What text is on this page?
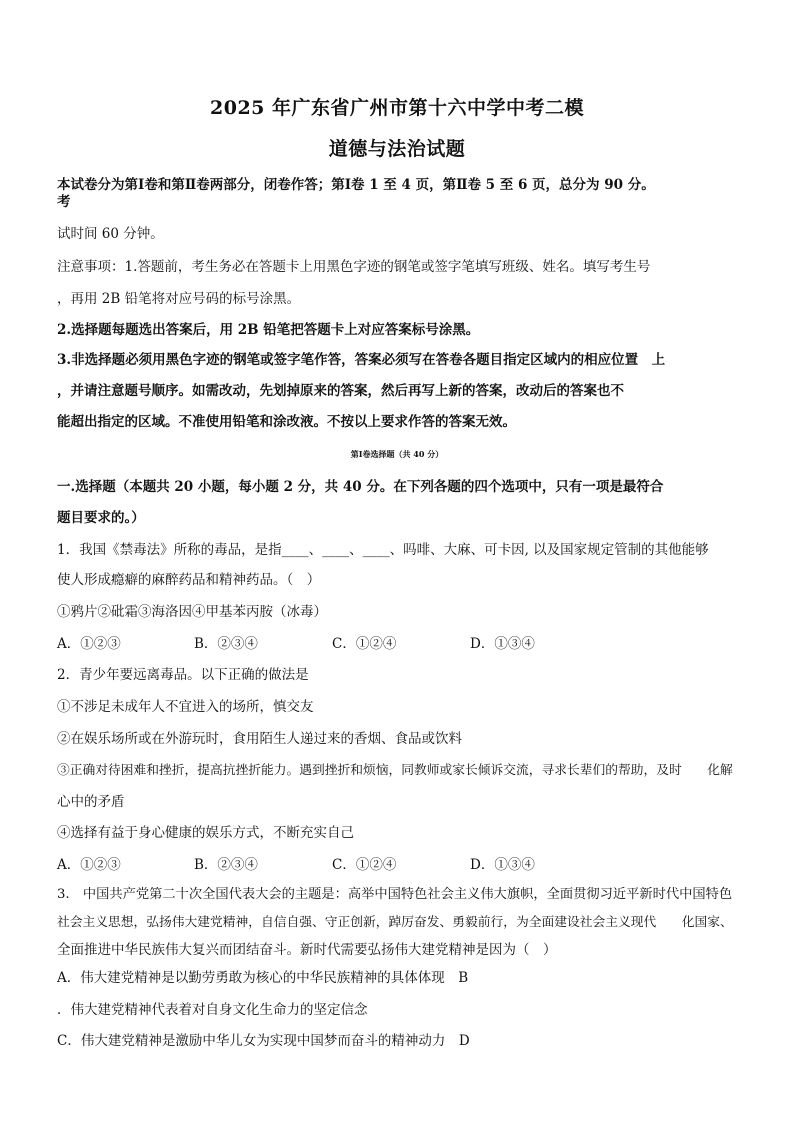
2025 年广东省广州市第十六中学中考二模
道德与法治试题
本试卷分为第Ⅰ卷和第Ⅱ卷两部分，闭卷作答；第Ⅰ卷 1 至 4 页，第Ⅱ卷 5 至 6 页，总分为 90 分。
考
试时间 60 分钟。
注意事项：1.答题前，考生务必在答题卡上用黑色字迹的钢笔或签字笔填写班级、姓名。填写考生号
，再用 2B 铅笔将对应号码的标号涂黑。
2.选择题每题选出答案后，用 2B 铅笔把答题卡上对应答案标号涂黑。
3.非选择题必须用黑色字迹的钢笔或签字笔作答，答案必须写在答卷各题目指定区域内的相应位置　上
，并请注意题号顺序。如需改动，先划掉原来的答案，然后再写上新的答案，改动后的答案也不
能超出指定的区域。不准使用铅笔和涂改液。不按以上要求作答的答案无效。
第Ⅰ卷选择题（共 40 分）
一.选择题（本题共 20 小题，每小题 2 分，共 40 分。在下列各题的四个选项中，只有一项是最符合
题目要求的。）
1．我国《禁毒法》所称的毒品，是指____、____、____、吗啡、大麻、可卡因, 以及国家规定管制的其他能够
使人形成瘾癖的麻醉药品和精神药品。（　）
①鸦片②砒霜③海洛因④甲基苯丙胺（冰毒）
A．①②③	B．②③④	C．①②④	D．①③④
2．青少年要远离毒品。以下正确的做法是
①不涉足未成年人不宜进入的场所，慎交友
②在娱乐场所或在外游玩时，食用陌生人递过来的香烟、食品或饮料
③正确对待困难和挫折，提高抗挫折能力。遇到挫折和烦恼，同教师或家长倾诉交流，寻求长辈们的帮助，及时　　化解
心中的矛盾
④选择有益于身心健康的娱乐方式，不断充实自己
A．①②③	B．②③④	C．①②④	D．①③④
3.　中国共产党第二十次全国代表大会的主题是：高举中国特色社会主义伟大旗帜，全面贯彻习近平新时代中国特色
社会主义思想，弘扬伟大建党精神，自信自强、守正创新，踔厉奋发、勇毅前行，为全面建设社会主义现代　　化国家、
全面推进中华民族伟大复兴而团结奋斗。新时代需要弘扬伟大建党精神是因为（　）
A．伟大建党精神是以勤劳勇敢为核心的中华民族精神的具体体现　B
．伟大建党精神代表着对自身文化生命力的坚定信念
C．伟大建党精神是激励中华儿女为实现中国梦而奋斗的精神动力　D
